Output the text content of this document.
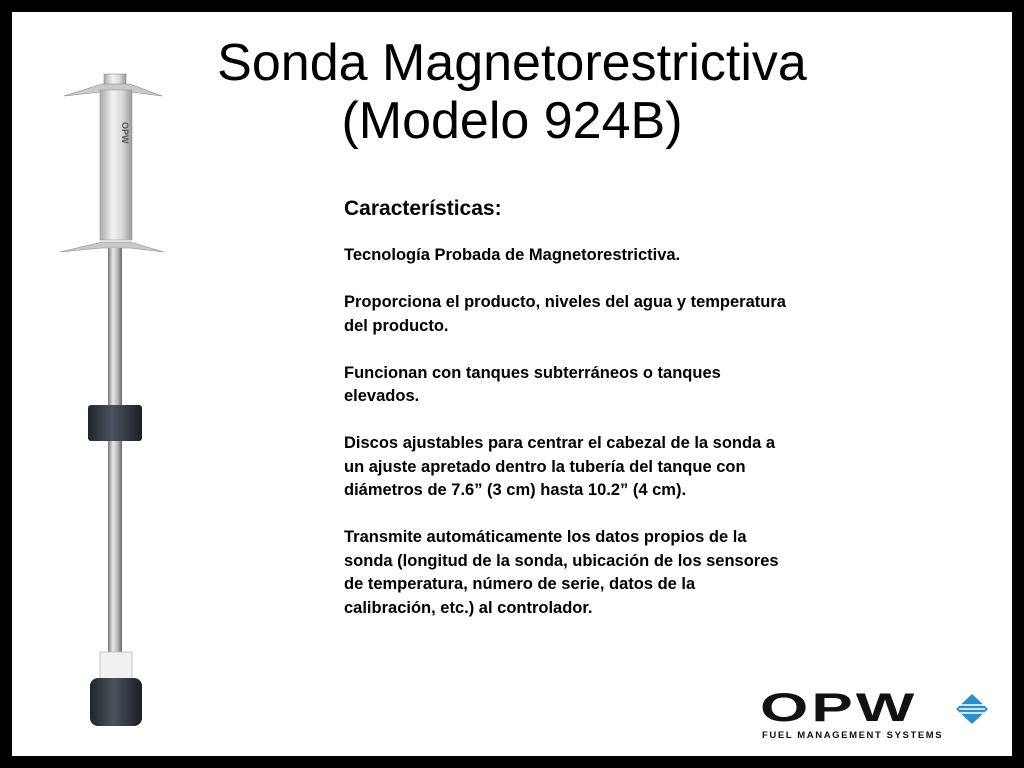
Sonda Magnetorestrictiva
(Modelo 924B)
OPW
Características:
Tecnología Probada de Magnetorestrictiva.
Proporciona el producto, niveles del agua y temperatura
del producto.
Funcionan con tanques subterráneos o tanques
elevados.
Discos ajustables para centrar el cabezal de la sonda a
un ajuste apretado dentro la tubería del tanque con
diámetros de 7.6” (3 cm) hasta 10.2” (4 cm).
Transmite automáticamente los datos propios de la
sonda (longitud de la sonda, ubicación de los sensores
de temperatura, número de serie, datos de la
calibración, etc.) al controlador.
OPW
FUEL MANAGEMENT SYSTEMS
